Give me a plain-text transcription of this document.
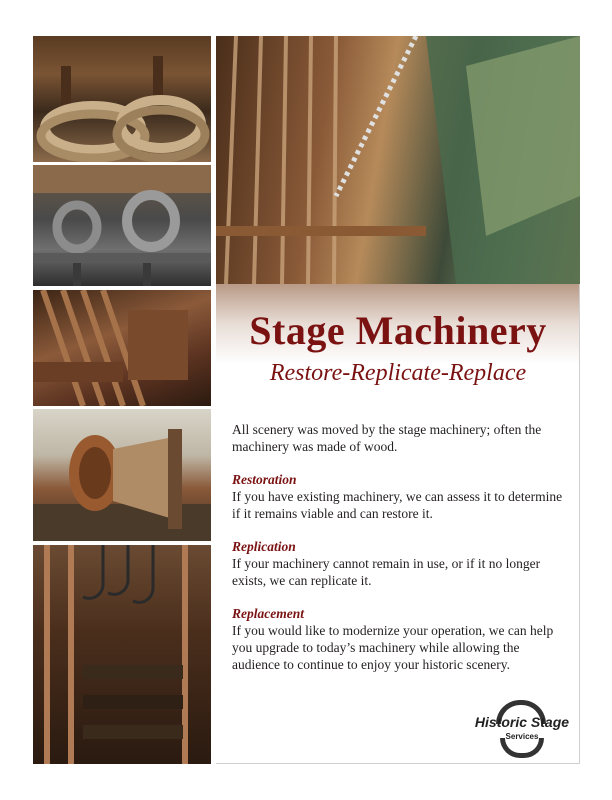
Stage Machinery
Restore-Replicate-Replace

All scenery was moved by the stage machinery; often the machinery was made of wood.

Restoration
If you have existing machinery, we can assess it to determine if it remains viable and can restore it.

Replication
If your machinery cannot remain in use, or if it no longer exists, we can replicate it.

Replacement
If you would like to modernize your operation, we can help you upgrade to today’s machinery while allowing the audience to continue to enjoy your historic scenery.

Historic Stage
Services
